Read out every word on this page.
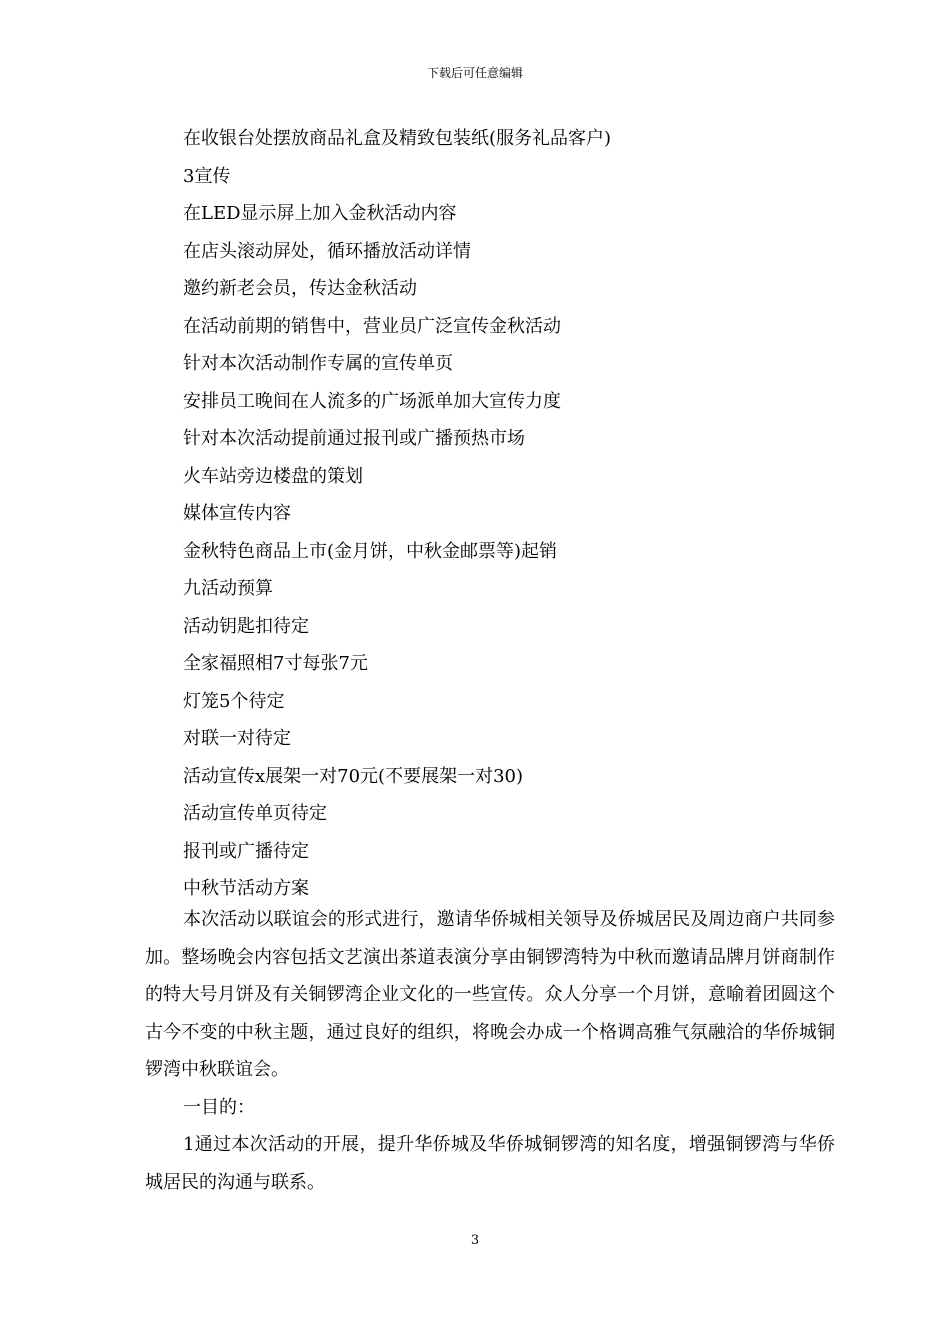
下载后可任意编辑
在收银台处摆放商品礼盒及精致包装纸(服务礼品客户)
3宣传
在LED显示屏上加入金秋活动内容
在店头滚动屏处，循环播放活动详情
邀约新老会员，传达金秋活动
在活动前期的销售中，营业员广泛宣传金秋活动
针对本次活动制作专属的宣传单页
安排员工晚间在人流多的广场派单加大宣传力度
针对本次活动提前通过报刊或广播预热市场
火车站旁边楼盘的策划
媒体宣传内容
金秋特色商品上市(金月饼，中秋金邮票等)起销
九活动预算
活动钥匙扣待定
全家福照相7寸每张7元
灯笼5个待定
对联一对待定
活动宣传x展架一对70元(不要展架一对30)
活动宣传单页待定
报刊或广播待定
中秋节活动方案
本次活动以联谊会的形式进行，邀请华侨城相关领导及侨城居民及周边商户共同参加。整场晚会内容包括文艺演出茶道表演分享由铜锣湾特为中秋而邀请品牌月饼商制作的特大号月饼及有关铜锣湾企业文化的一些宣传。众人分享一个月饼，意喻着团圆这个古今不变的中秋主题，通过良好的组织，将晚会办成一个格调高雅气氛融洽的华侨城铜锣湾中秋联谊会。
一目的：
1通过本次活动的开展，提升华侨城及华侨城铜锣湾的知名度，增强铜锣湾与华侨城居民的沟通与联系。
3
